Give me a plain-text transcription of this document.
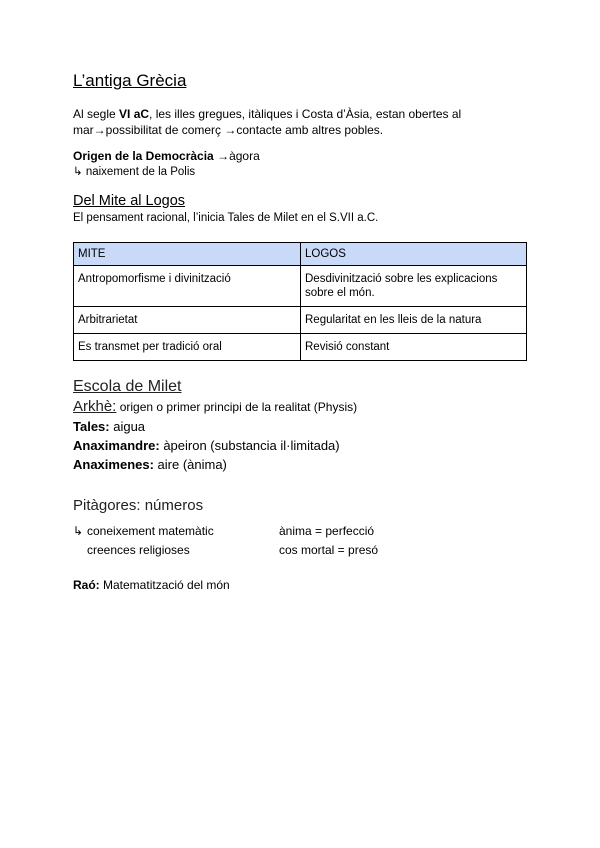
L’antiga Grècia

Al segle VI aC, les illes gregues, itàliques i Costa d’Àsia, estan obertes al

mar→possibilitat de comerç →contacte amb altres pobles.

Origen de la Democràcia →àgora

↳ naixement de la Polis

Del Mite al Logos

El pensament racional, l’inicia Tales de Milet en el S.VII a.C.

MITE	LOGOS
Antropomorfisme i divinització	Desdivinització sobre les explicacions sobre el món.
Arbitrarietat	Regularitat en les lleis de la natura
Es transmet per tradició oral	Revisió constant

Escola de Milet

Arkhè: origen o primer principi de la realitat (Physis)

Tales: aigua

Anaximandre: àpeiron (substancia il·limitada)

Anaximenes: aire (ànima)

Pitàgores: números

↳ coneixement matemàtic	ànima = perfecció
creences religioses	cos mortal = presó

Raó: Matematització del món
